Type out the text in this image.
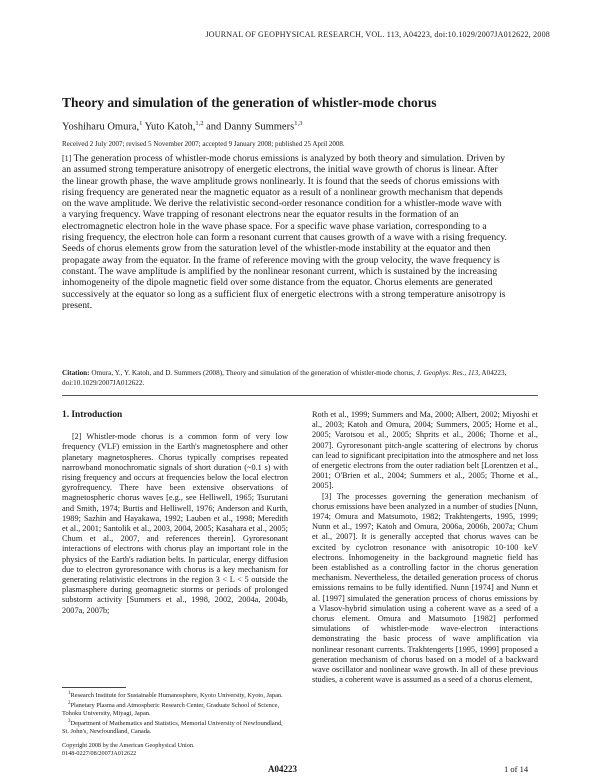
JOURNAL OF GEOPHYSICAL RESEARCH, VOL. 113, A04223, doi:10.1029/2007JA012622, 2008
Theory and simulation of the generation of whistler-mode chorus
Yoshiharu Omura,$^1$ Yuto Katoh,$^{1,2}$ and Danny Summers$^{1,3}$
Received 2 July 2007; revised 5 November 2007; accepted 9 January 2008; published 25 April 2008.

[1] The generation process of whistler-mode chorus emissions is analyzed by both theory and simulation. Driven by an assumed strong temperature anisotropy of energetic electrons, the initial wave growth of chorus is linear. After the linear growth phase, the wave amplitude grows nonlinearly. It is found that the seeds of chorus emissions with rising frequency are generated near the magnetic equator as a result of a nonlinear growth mechanism that depends on the wave amplitude. We derive the relativistic second-order resonance condition for a whistler-mode wave with a varying frequency. Wave trapping of resonant electrons near the equator results in the formation of an electromagnetic electron hole in the wave phase space. For a specific wave phase variation, corresponding to a rising frequency, the electron hole can form a resonant current that causes growth of a wave with a rising frequency. Seeds of chorus elements grow from the saturation level of the whistler-mode instability at the equator and then propagate away from the equator. In the frame of reference moving with the group velocity, the wave frequency is constant. The wave amplitude is amplified by the nonlinear resonant current, which is sustained by the increasing inhomogeneity of the dipole magnetic field over some distance from the equator. Chorus elements are generated successively at the equator so long as a sufficient flux of energetic electrons with a strong temperature anisotropy is present.

Citation: Omura, Y., Y. Katoh, and D. Summers (2008), Theory and simulation of the generation of whistler-mode chorus, J. Geophys. Res., 113, A04223, doi:10.1029/2007JA012622.

1. Introduction

[2] Whistler-mode chorus is a common form of very low frequency (VLF) emission in the Earth's magnetosphere and other planetary magnetospheres. Chorus typically comprises repeated narrowband monochromatic signals of short duration (~0.1 s) with rising frequency and occurs at frequencies below the local electron gyrofrequency. There have been extensive observations of magnetospheric chorus waves [e.g., see Helliwell, 1965; Tsurutani and Smith, 1974; Burtis and Helliwell, 1976; Anderson and Kurth, 1989; Sazhin and Hayakawa, 1992; Lauben et al., 1998; Meredith et al., 2001; Santolik et al., 2003, 2004, 2005; Kasahara et al., 2005; Chum et al., 2007, and references therein]. Gyroresonant interactions of electrons with chorus play an important role in the physics of the Earth's radiation belts. In particular, energy diffusion due to electron gyroresonance with chorus is a key mechanism for generating relativistic electrons in the region 3 < L < 5 outside the plasmasphere during geomagnetic storms or periods of prolonged substorm activity [Summers et al., 1998, 2002, 2004a, 2004b, 2007a, 2007b;

Roth et al., 1999; Summers and Ma, 2000; Albert, 2002; Miyoshi et al., 2003; Katoh and Omura, 2004; Summers, 2005; Horne et al., 2005; Varotsou et al., 2005; Shprits et al., 2006; Thorne et al., 2007]. Gyroresonant pitch-angle scattering of electrons by chorus can lead to significant precipitation into the atmosphere and net loss of energetic electrons from the outer radiation belt [Lorentzen et al., 2001; O'Brien et al., 2004; Summers et al., 2005; Thorne et al., 2005].

[3] The processes governing the generation mechanism of chorus emissions have been analyzed in a number of studies [Nunn, 1974; Omura and Matsumoto, 1982; Trakhtengerts, 1995, 1999; Nunn et al., 1997; Katoh and Omura, 2006a, 2006b, 2007a; Chum et al., 2007]. It is generally accepted that chorus waves can be excited by cyclotron resonance with anisotropic 10-100 keV electrons. Inhomogeneity in the background magnetic field has been established as a controlling factor in the chorus generation mechanism. Nevertheless, the detailed generation process of chorus emissions remains to be fully identified. Nunn [1974] and Nunn et al. [1997] simulated the generation process of chorus emissions by a Vlasov-hybrid simulation using a coherent wave as a seed of a chorus element. Omura and Matsumoto [1982] performed simulations of whistler-mode wave-electron interactions demonstrating the basic process of wave amplification via nonlinear resonant currents. Trakhtengerts [1995, 1999] proposed a generation mechanism of chorus based on a model of a backward wave oscillator and nonlinear wave growth. In all of these previous studies, a coherent wave is assumed as a seed of a chorus element,

$^1$Research Institute for Sustainable Humanosphere, Kyoto University, Kyoto, Japan.

$^2$Planetary Plasma and Atmospheric Research Center, Graduate School of Science, Tohoku University, Miyagi, Japan.

$^3$Department of Mathematics and Statistics, Memorial University of Newfoundland, St. John's, Newfoundland, Canada.

Copyright 2008 by the American Geophysical Union.
0148-0227/08/2007JA012622
A04223	1 of 14
